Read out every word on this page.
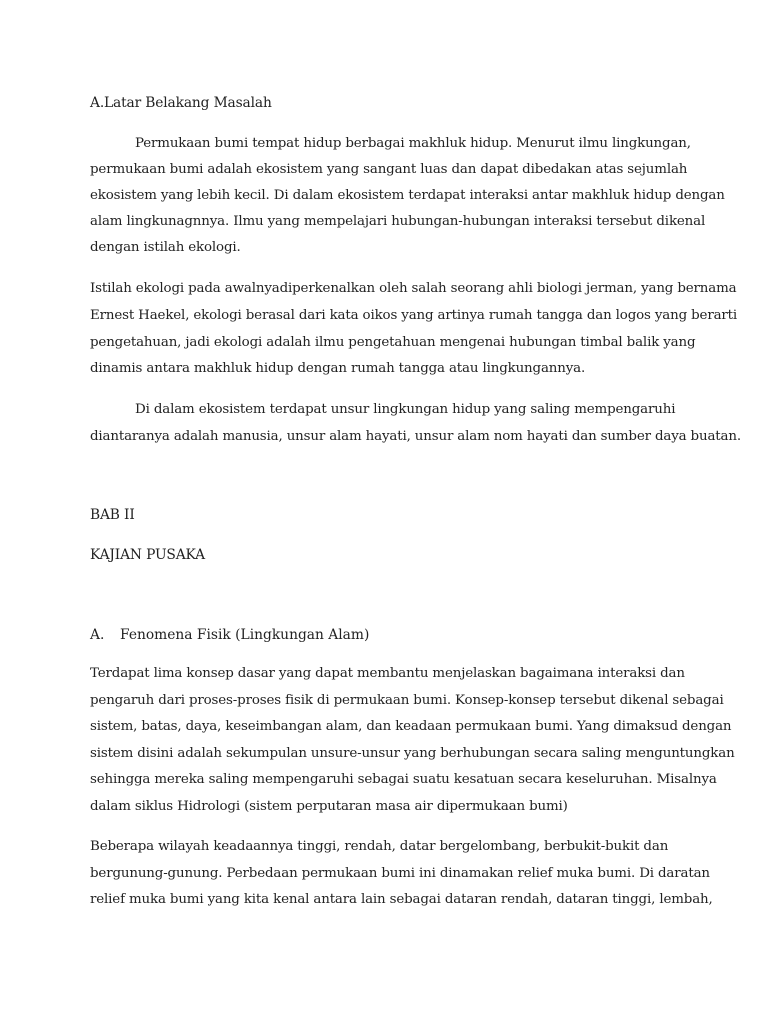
A.Latar Belakang Masalah
Permukaan bumi tempat hidup berbagai makhluk hidup. Menurut ilmu lingkungan,
permukaan bumi adalah ekosistem yang sangant luas dan dapat dibedakan atas sejumlah
ekosistem yang lebih kecil. Di dalam ekosistem terdapat interaksi antar makhluk hidup dengan
alam lingkunagnnya. Ilmu yang mempelajari hubungan-hubungan interaksi tersebut dikenal
dengan istilah ekologi.
Istilah ekologi pada awalnyadiperkenalkan oleh salah seorang ahli biologi jerman, yang bernama
Ernest Haekel, ekologi berasal dari kata oikos yang artinya rumah tangga dan logos yang berarti
pengetahuan, jadi ekologi adalah ilmu pengetahuan mengenai hubungan timbal balik yang
dinamis antara makhluk hidup dengan rumah tangga atau lingkungannya.
Di dalam ekosistem terdapat unsur lingkungan hidup yang saling mempengaruhi
diantaranya adalah manusia, unsur alam hayati, unsur alam nom hayati dan sumber daya buatan.
BAB II
KAJIAN PUSAKA
A. Fenomena Fisik (Lingkungan Alam)
Terdapat lima konsep dasar yang dapat membantu menjelaskan bagaimana interaksi dan
pengaruh dari proses-proses fisik di permukaan bumi. Konsep-konsep tersebut dikenal sebagai
sistem, batas, daya, keseimbangan alam, dan keadaan permukaan bumi. Yang dimaksud dengan
sistem disini adalah sekumpulan unsure-unsur yang berhubungan secara saling menguntungkan
sehingga mereka saling mempengaruhi sebagai suatu kesatuan secara keseluruhan. Misalnya
dalam siklus Hidrologi (sistem perputaran masa air dipermukaan bumi)
Beberapa wilayah keadaannya tinggi, rendah, datar bergelombang, berbukit-bukit dan
bergunung-gunung. Perbedaan permukaan bumi ini dinamakan relief muka bumi. Di daratan
relief muka bumi yang kita kenal antara lain sebagai dataran rendah, dataran tinggi, lembah,
